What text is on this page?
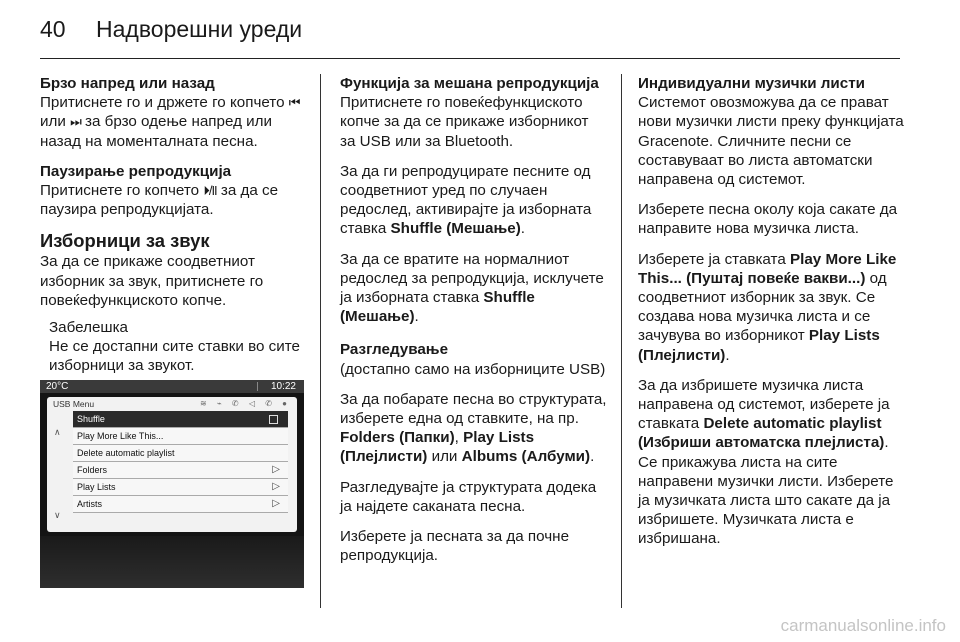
40 Надворешни уреди
Брзо напред или назад
Притиснете го и држете го копчето ⏮ или ⏭ за брзо одење напред или назад на моменталната песна.
Паузирање репродукција
Притиснете го копчето ⏵/II за да се паузира репродукцијата.
Изборници за звук
За да се прикаже соодветниот изборник за звук, притиснете го повеќефункциското копче.
Забелешка
Не се достапни сите ставки во сите изборници за звукот.
20°C	10:22
USB Menu	≋ ⌁ ✆ ◁ ✆ ●
∧
∨
Shuffle
Play More Like This...
Delete automatic playlist
Folders	▷
Play Lists	▷
Artists	▷
Функција за мешана репродукција

Притиснете го повеќефункциското копче за да се прикаже изборникот за USB или за Bluetooth.

За да ги репродуцирате песните од соодветниот уред по случаен редослед, активирајте ја изборната ставка Shuffle (Мешање).

За да се вратите на нормалниот редослед за репродукција, исклучете ја изборната ставка Shuffle (Мешање).

Разгледување

(достапно само на изборниците USB)

За да побарате песна во структурата, изберете една од ставките, на пр. Folders (Папки), Play Lists (Плејлисти) или Albums (Албуми).

Разгледувајте ја структурата додека ја најдете саканата песна.

Изберете ја песната за да почне репродукција.

Индивидуални музички листи

Системот овозможува да се прават нови музички листи преку функцијата Gracenote. Сличните песни се составуваат во листа автоматски направена од системот.

Изберете песна околу која сакате да направите нова музичка листа.

Изберете ја ставката Play More Like This... (Пуштај повеќе вакви...) од соодветниот изборник за звук. Се создава нова музичка листа и се зачувува во изборникот Play Lists (Плејлисти).

За да избришете музичка листа направена од системот, изберете ја ставката Delete automatic playlist (Избриши автоматска плејлиста). Се прикажува листа на сите направени музички листи. Изберете ја музичката листа што сакате да ја избришете. Музичката листа е избришана.

carmanualsonline.info
